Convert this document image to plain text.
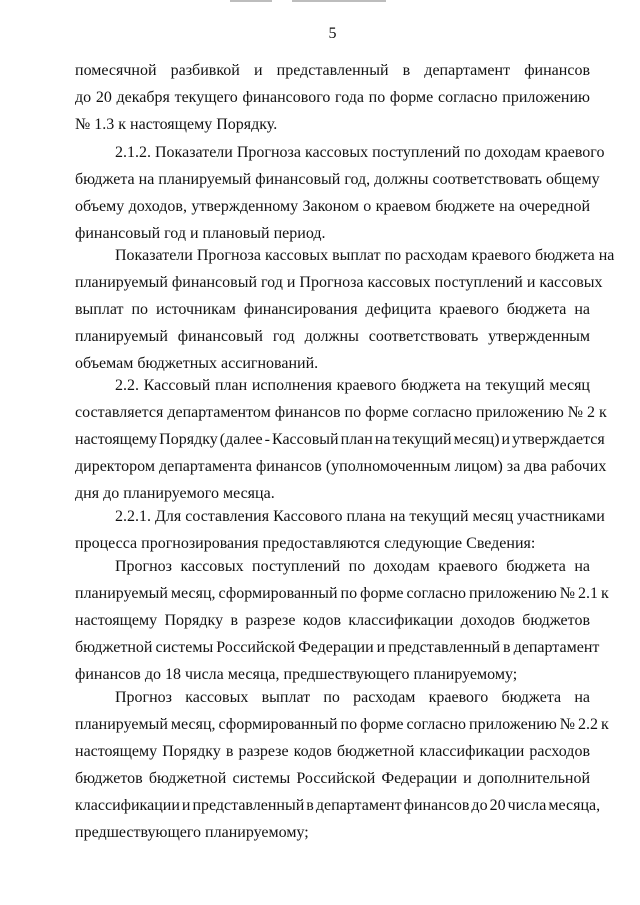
5
помесячной разбивкой и представленный в департамент финансов
до 20 декабря текущего финансового года по форме согласно приложению
№ 1.3 к настоящему Порядку.
2.1.2. Показатели Прогноза кассовых поступлений по доходам краевого
бюджета на планируемый финансовый год, должны соответствовать общему
объему доходов, утвержденному Законом о краевом бюджете на очередной
финансовый год и плановый период.
Показатели Прогноза кассовых выплат по расходам краевого бюджета на
планируемый финансовый год и Прогноза кассовых поступлений и кассовых
выплат по источникам финансирования дефицита краевого бюджета на
планируемый финансовый год должны соответствовать утвержденным
объемам бюджетных ассигнований.
2.2. Кассовый план исполнения краевого бюджета на текущий месяц
составляется департаментом финансов по форме согласно приложению № 2 к
настоящему Порядку (далее - Кассовый план на текущий месяц) и утверждается
директором департамента финансов (уполномоченным лицом) за два рабочих
дня до планируемого месяца.
2.2.1. Для составления Кассового плана на текущий месяц участниками
процесса прогнозирования предоставляются следующие Сведения:
Прогноз кассовых поступлений по доходам краевого бюджета на
планируемый месяц, сформированный по форме согласно приложению № 2.1 к
настоящему Порядку в разрезе кодов классификации доходов бюджетов
бюджетной системы Российской Федерации и представленный в департамент
финансов до 18 числа месяца, предшествующего планируемому;
Прогноз кассовых выплат по расходам краевого бюджета на
планируемый месяц, сформированный по форме согласно приложению № 2.2 к
настоящему Порядку в разрезе кодов бюджетной классификации расходов
бюджетов бюджетной системы Российской Федерации и дополнительной
классификации и представленный в департамент финансов до 20 числа месяца,
предшествующего планируемому;
